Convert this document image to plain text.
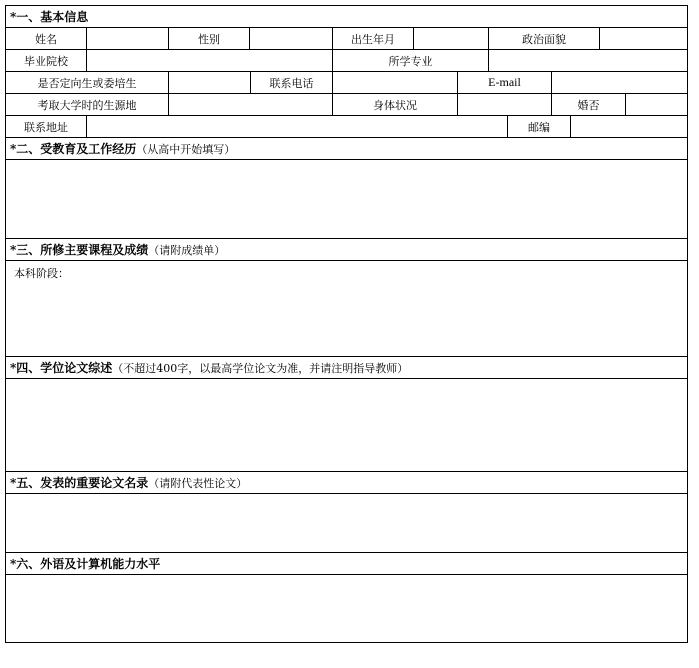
*一、基本信息
姓名	性别	出生年月	政治面貌
毕业院校	所学专业
是否定向生或委培生	联系电话	E-mail
考取大学时的生源地	身体状况	婚否
联系地址	邮编
*二、受教育及工作经历 （从高中开始填写）
*三、所修主要课程及成绩 （请附成绩单）
本科阶段：
*四、学位论文综述 （不超过400字，以最高学位论文为准，并请注明指导教师）
*五、发表的重要论文名录 （请附代表性论文）
*六、外语及计算机能力水平
